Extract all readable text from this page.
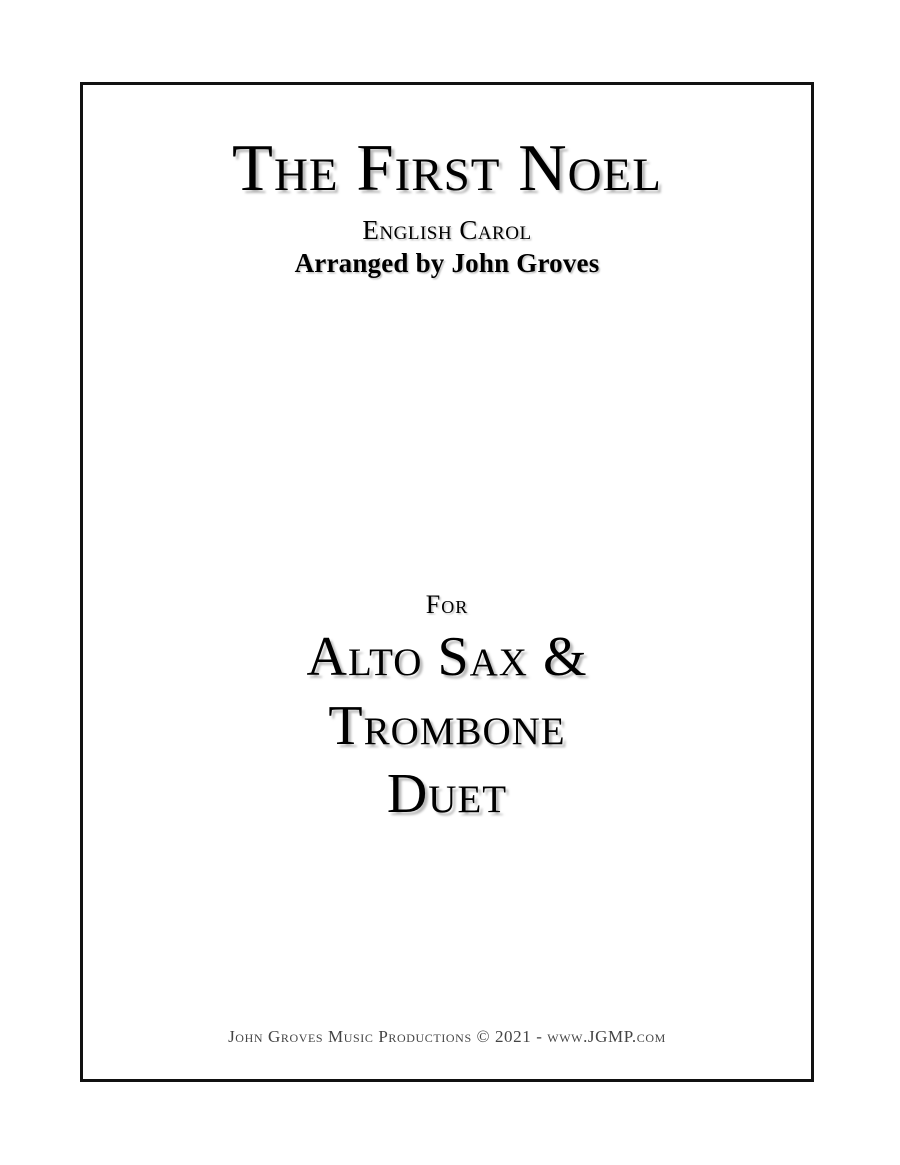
The First Noel
English Carol
Arranged by John Groves
For
Alto Sax &
Trombone
Duet
John Groves Music Productions © 2021 - www.JGMP.com
